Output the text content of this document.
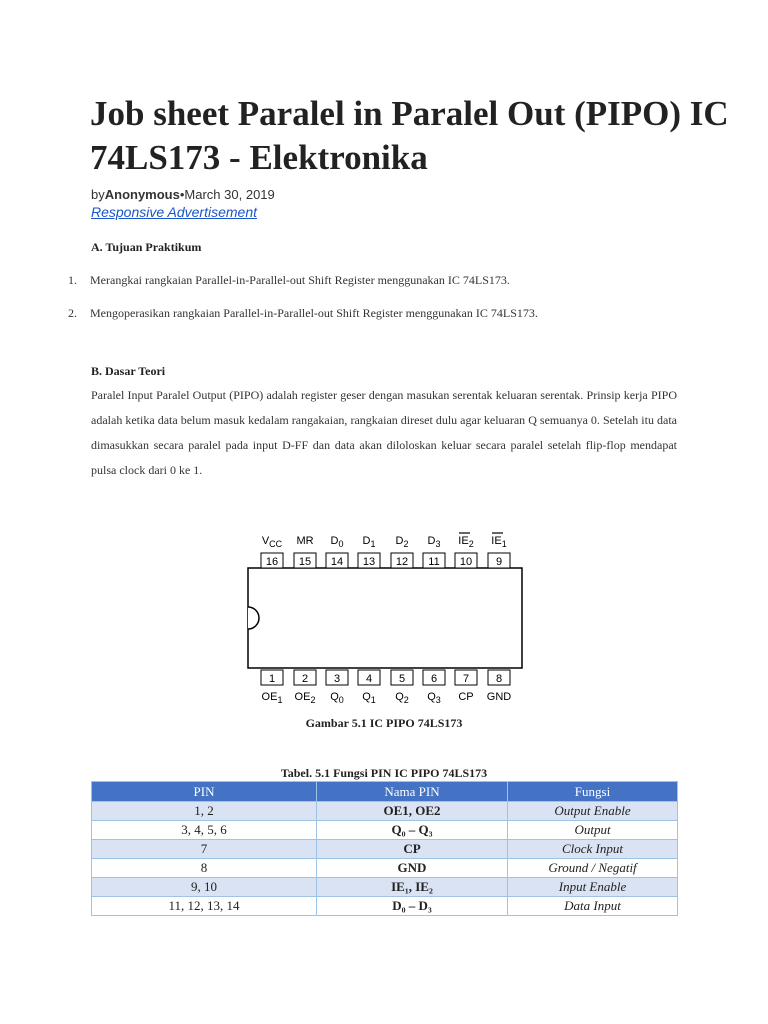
Job sheet Paralel in Paralel Out (PIPO) IC 74LS173 - Elektronika
byAnonymous•March 30, 2019
Responsive Advertisement
A. Tujuan Praktikum
1. Merangkai rangkaian Parallel-in-Parallel-out Shift Register menggunakan IC 74LS173.
2. Mengoperasikan rangkaian Parallel-in-Parallel-out Shift Register menggunakan IC 74LS173.
B. Dasar Teori
Paralel Input Paralel Output (PIPO) adalah register geser dengan masukan serentak keluaran serentak. Prinsip kerja PIPO adalah ketika data belum masuk kedalam rangakaian, rangkaian direset dulu agar keluaran Q semuanya 0. Setelah itu data dimasukkan secara paralel pada input D-FF dan data akan diloloskan keluar secara paralel setelah flip-flop mendapat pulsa clock dari 0 ke 1.
16
$V_{CC}$
15
MR
14
$D_0$
13
$D_1$
12
$D_2$
11
$D_3$
10
$IE_2$
9
$IE_1$
1
$OE_1$
2
$OE_2$
3
$Q_0$
4
$Q_1$
5
$Q_2$
6
$Q_3$
7
CP
8
GND
Gambar 5.1 IC PIPO 74LS173
Tabel. 5.1 Fungsi PIN IC PIPO 74LS173
PIN	Nama PIN	Fungsi
1, 2	OE1, OE2	Output Enable
3, 4, 5, 6	Q₀ – Q₃	Output
7	CP	Clock Input
8	GND	Ground / Negatif
9, 10	IE₁, IE₂	Input Enable
11, 12, 13, 14	D₀ – D₃	Data Input
